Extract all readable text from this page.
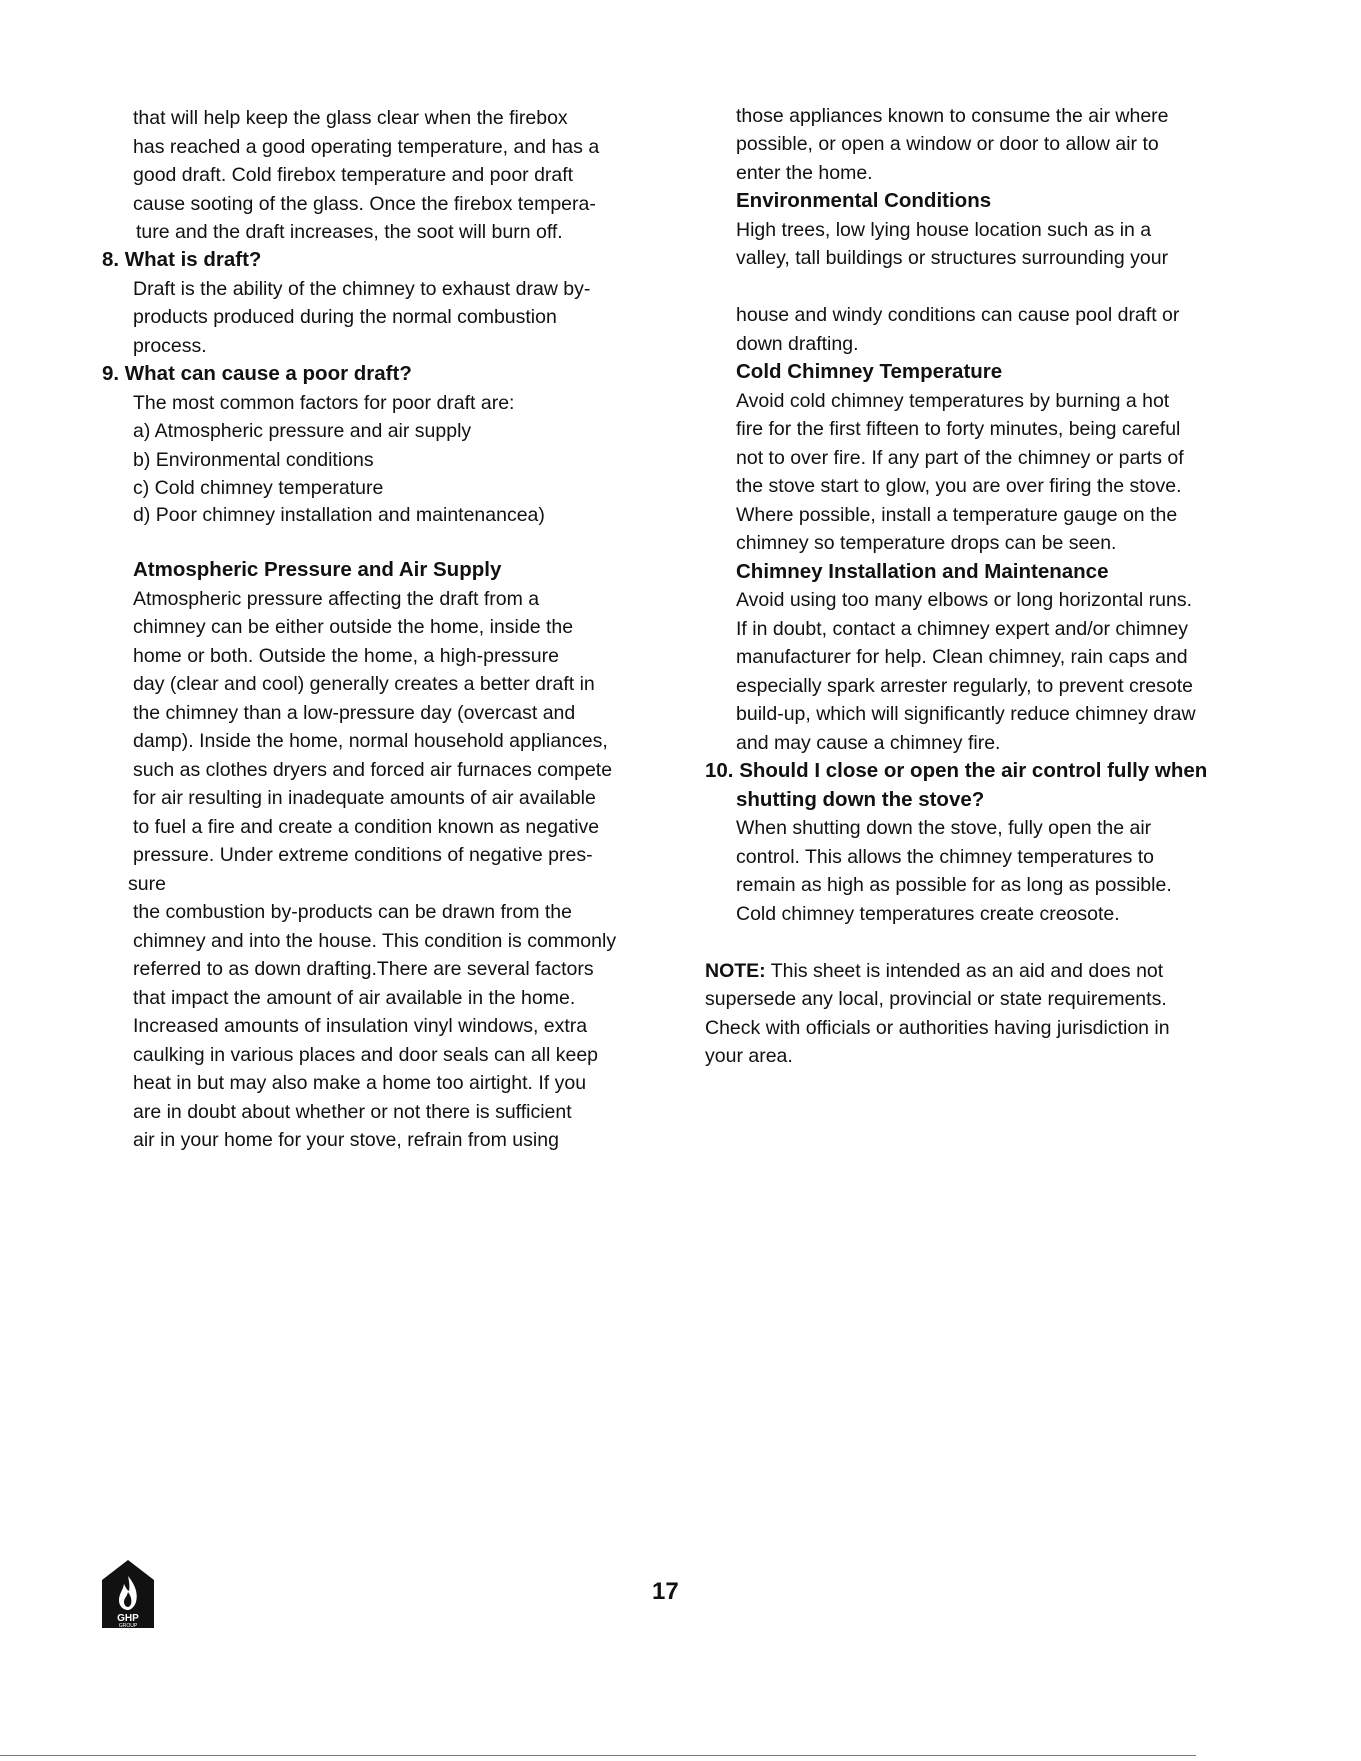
that will help keep the glass clear when the firebox
has reached a good operating temperature, and has a
good draft. Cold firebox temperature and poor draft
cause sooting of the glass. Once the firebox tempera-
ture and the draft increases, the soot will burn off.
8. What is draft?
Draft is the ability of the chimney to exhaust draw by-
products produced during the normal combustion
process.
9. What can cause a poor draft?
The most common factors for poor draft are:
a) Atmospheric pressure and air supply
b) Environmental conditions
c) Cold chimney temperature
d) Poor chimney installation and maintenancea)
Atmospheric Pressure and Air Supply
Atmospheric pressure affecting the draft from a
chimney can be either outside the home, inside the
home or both. Outside the home, a high-pressure
day (clear and cool) generally creates a better draft in
the chimney than a low-pressure day (overcast and
damp). Inside the home, normal household appliances,
such as clothes dryers and forced air furnaces compete
for air resulting in inadequate amounts of air available
to fuel a fire and create a condition known as negative
pressure. Under extreme conditions of negative pres-
sure
the combustion by-products can be drawn from the
chimney and into the house. This condition is commonly
referred to as down drafting.There are several factors
that impact the amount of air available in the home.
Increased amounts of insulation vinyl windows, extra
caulking in various places and door seals can all keep
heat in but may also make a home too airtight. If you
are in doubt about whether or not there is sufficient
air in your home for your stove, refrain from using
those appliances known to consume the air where
possible, or open a window or door to allow air to
enter the home.
Environmental Conditions
High trees, low lying house location such as in a
valley, tall buildings or structures surrounding your
house and windy conditions can cause pool draft or
down drafting.
Cold Chimney Temperature
Avoid cold chimney temperatures by burning a hot
fire for the first fifteen to forty minutes, being careful
not to over fire. If any part of the chimney or parts of
the stove start to glow, you are over firing the stove.
Where possible, install a temperature gauge on the
chimney so temperature drops can be seen.
Chimney Installation and Maintenance
Avoid using too many elbows or long horizontal runs.
If in doubt, contact a chimney expert and/or chimney
manufacturer for help. Clean chimney, rain caps and
especially spark arrester regularly, to prevent cresote
build-up, which will significantly reduce chimney draw
and may cause a chimney fire.
10. Should I close or open the air control fully when
shutting down the stove?
When shutting down the stove, fully open the air
control. This allows the chimney temperatures to
remain as high as possible for as long as possible.
Cold chimney temperatures create creosote.
NOTE: This sheet is intended as an aid and does not
supersede any local, provincial or state requirements.
Check with officials or authorities having jurisdiction in
your area.
GHP
GROUP
17
